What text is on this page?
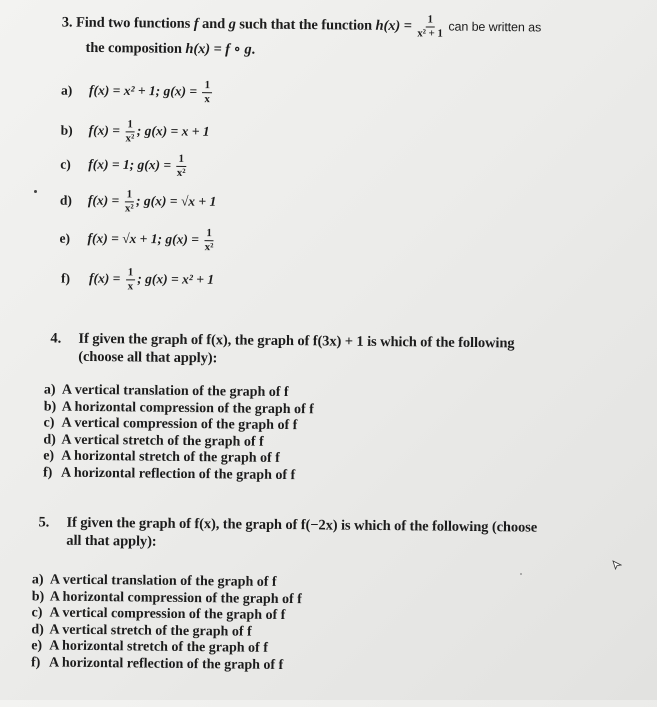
3. Find two functions f and g such that the function $h(x) = \frac{1}{\text{x² + 1}}$ can be written as
the composition h(x) = f ∘ g.
a) f(x) = x² + 1; $g(x) = \frac{1}{x}$
b) $f(x) = \frac{1}{\text{x²}}$ ; g(x) = x + 1
c) f(x) = 1; $g(x) = \frac{1}{\text{x²}}$
d) $f(x) = \frac{1}{\text{x²}}$ ; g(x) = √x + 1
e) f(x) = √x + 1; $g(x) = \frac{1}{\text{x²}}$
f) $f(x) = \frac{1}{x}$ ; g(x) = x² + 1
4. If given the graph of f(x), the graph of f(3x) + 1 is which of the following
(choose all that apply):
a) A vertical translation of the graph of f
b) A horizontal compression of the graph of f
c) A vertical compression of the graph of f
d) A vertical stretch of the graph of f
e) A horizontal stretch of the graph of f
f) A horizontal reflection of the graph of f
5. If given the graph of f(x), the graph of f(−2x) is which of the following (choose
all that apply):
a) A vertical translation of the graph of f
b) A horizontal compression of the graph of f
c) A vertical compression of the graph of f
d) A vertical stretch of the graph of f
e) A horizontal stretch of the graph of f
f) A horizontal reflection of the graph of f
